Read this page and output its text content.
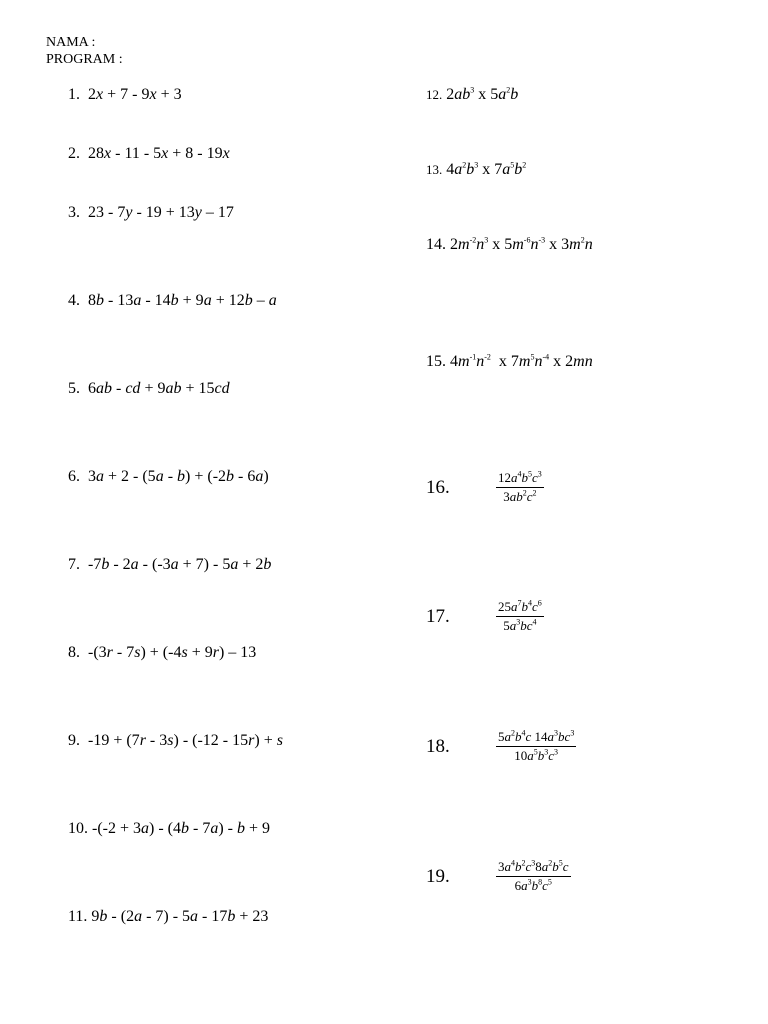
NAMA :
PROGRAM :
1. 2x + 7 - 9x + 3
2. 28x - 11 - 5x + 8 - 19x
3. 23 - 7y - 19 + 13y – 17
4. 8b - 13a - 14b + 9a + 12b – a
5. 6ab - cd + 9ab + 15cd
6. 3a + 2 - (5a - b) + (-2b - 6a)
7. -7b - 2a - (-3a + 7) - 5a + 2b
8. -(3r - 7s) + (-4s + 9r) – 13
9. -19 + (7r - 3s) - (-12 - 15r) + s
10. -(-2 + 3a) - (4b - 7a) - b + 9
11. 9b - (2a - 7) - 5a - 17b + 23
12. $2ab^3$ x $5a^2b$
13. $4a^2b^3$ x $7a^5b^2$
14. $2m^{-2}n^3$ x $5m^{-6}n^{-3}$ x $3m^2n$
15. $4m^{-1}n^{-2}$  x $7m^5n^{-4}$ x 2mn
16.	$\frac{12a^4b^5c^3}{3ab^2c^2}$
17.	$\frac{25a^7b^4c^6}{5a^3bc^4}$
18.	$\frac{5a^2b^4c 14a^3bc^3}{10a^5b^3c^3}$
19.	$\frac{3a^4b^2c^38a^2b^5c}{6a^3b^8c^5}$
